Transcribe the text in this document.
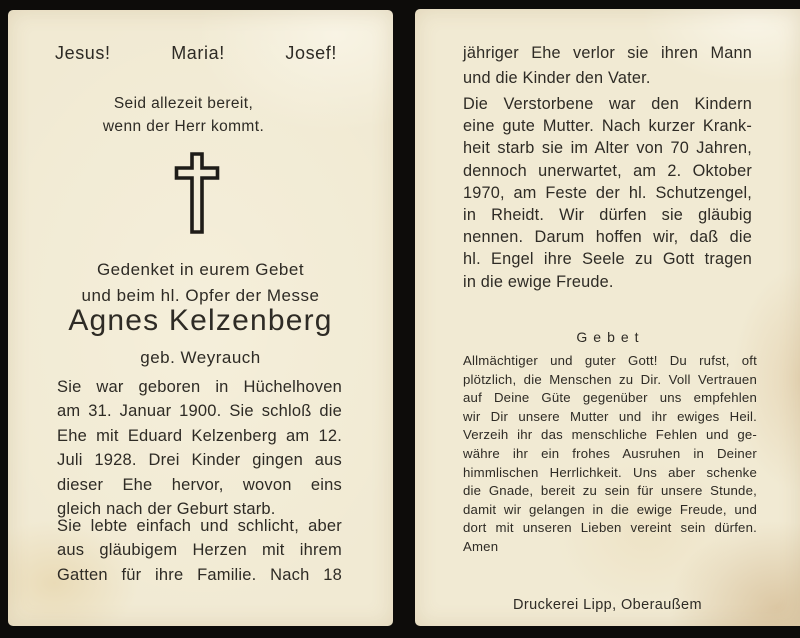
Jesus!	Maria!	Josef!
Seid allezeit bereit,
wenn der Herr kommt.
Gedenket in eurem Gebet
und beim hl. Opfer der Messe
Agnes Kelzenberg
geb. Weyrauch
Sie war geboren in Hüchelhoven
am 31. Januar 1900. Sie schloß die
Ehe mit Eduard Kelzenberg am 12.
Juli 1928. Drei Kinder gingen aus
dieser Ehe hervor, wovon eins
gleich nach der Geburt starb.
Sie lebte einfach und schlicht, aber
aus gläubigem Herzen mit ihrem
Gatten für ihre Familie. Nach 18
jähriger Ehe verlor sie ihren Mann
und die Kinder den Vater.
Die Verstorbene war den Kindern
eine gute Mutter. Nach kurzer Krank-
heit starb sie im Alter von 70 Jahren,
dennoch unerwartet, am 2. Oktober
1970, am Feste der hl. Schutzengel,
in Rheidt. Wir dürfen sie gläubig
nennen. Darum hoffen wir, daß die
hl. Engel ihre Seele zu Gott tragen
in die ewige Freude.
Gebet
Allmächtiger und guter Gott! Du rufst, oft
plötzlich, die Menschen zu Dir. Voll Vertrauen
auf Deine Güte gegenüber uns empfehlen
wir Dir unsere Mutter und ihr ewiges Heil.
Verzeih ihr das menschliche Fehlen und ge-
währe ihr ein frohes Ausruhen in Deiner
himmlischen Herrlichkeit. Uns aber schenke
die Gnade, bereit zu sein für unsere Stunde,
damit wir gelangen in die ewige Freude, und
dort mit unseren Lieben vereint sein dürfen.
Amen
Druckerei Lipp, Oberaußem
